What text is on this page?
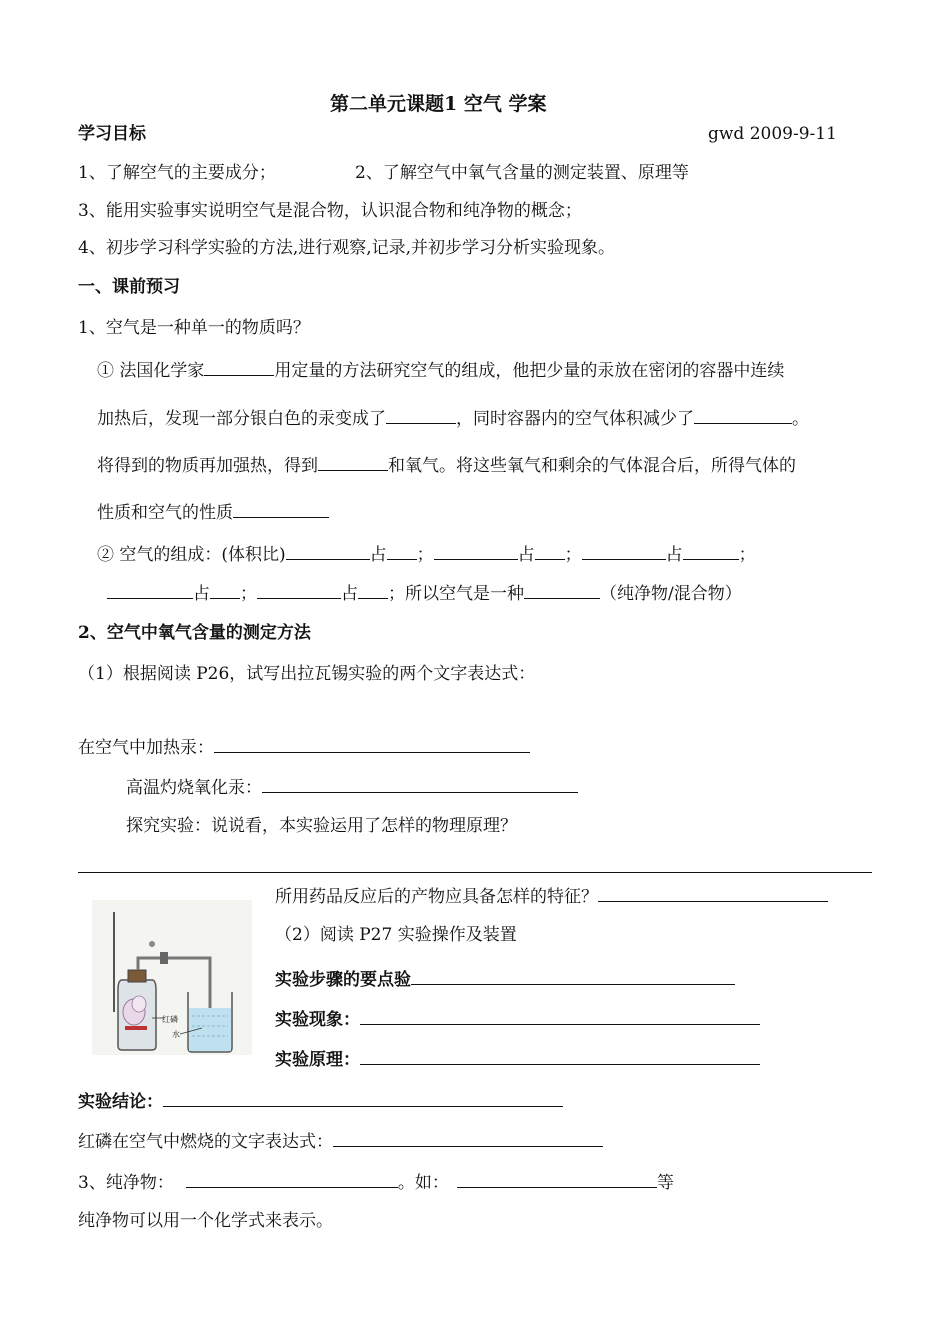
第二单元课题1 空气 学案
学习目标	gwd 2009-9-11
1、了解空气的主要成分；	2、了解空气中氧气含量的测定装置、原理等
3、能用实验事实说明空气是混合物，认识混合物和纯净物的概念；
4、初步学习科学实验的方法,进行观察,记录,并初步学习分析实验现象。
一、课前预习
1、空气是一种单一的物质吗？
① 法国化学家	用定量的方法研究空气的组成，他把少量的汞放在密闭的容器中连续
加热后，发现一部分银白色的汞变成了	，同时容器内的空气体积减少了	。
将得到的物质再加强热，得到	和氧气。将这些氧气和剩余的气体混合后，所得气体的
性质和空气的性质
② 空气的组成：(体积比)	占 ；	占 ；	占	；
占 ；	占 ；所以空气是一种	（纯净物/混合物）
2、空气中氧气含量的测定方法
（1）根据阅读 P26，试写出拉瓦锡实验的两个文字表达式：
在空气中加热汞：
高温灼烧氧化汞：
探究实验：说说看，本实验运用了怎样的物理原理？
红磷
水
所用药品反应后的产物应具备怎样的特征？
（2）阅读 P27 实验操作及装置
实验步骤的要点验
实验现象：
实验原理：
实验结论：
红磷在空气中燃烧的文字表达式：
3、纯净物：	。如：	等
纯净物可以用一个化学式来表示。
